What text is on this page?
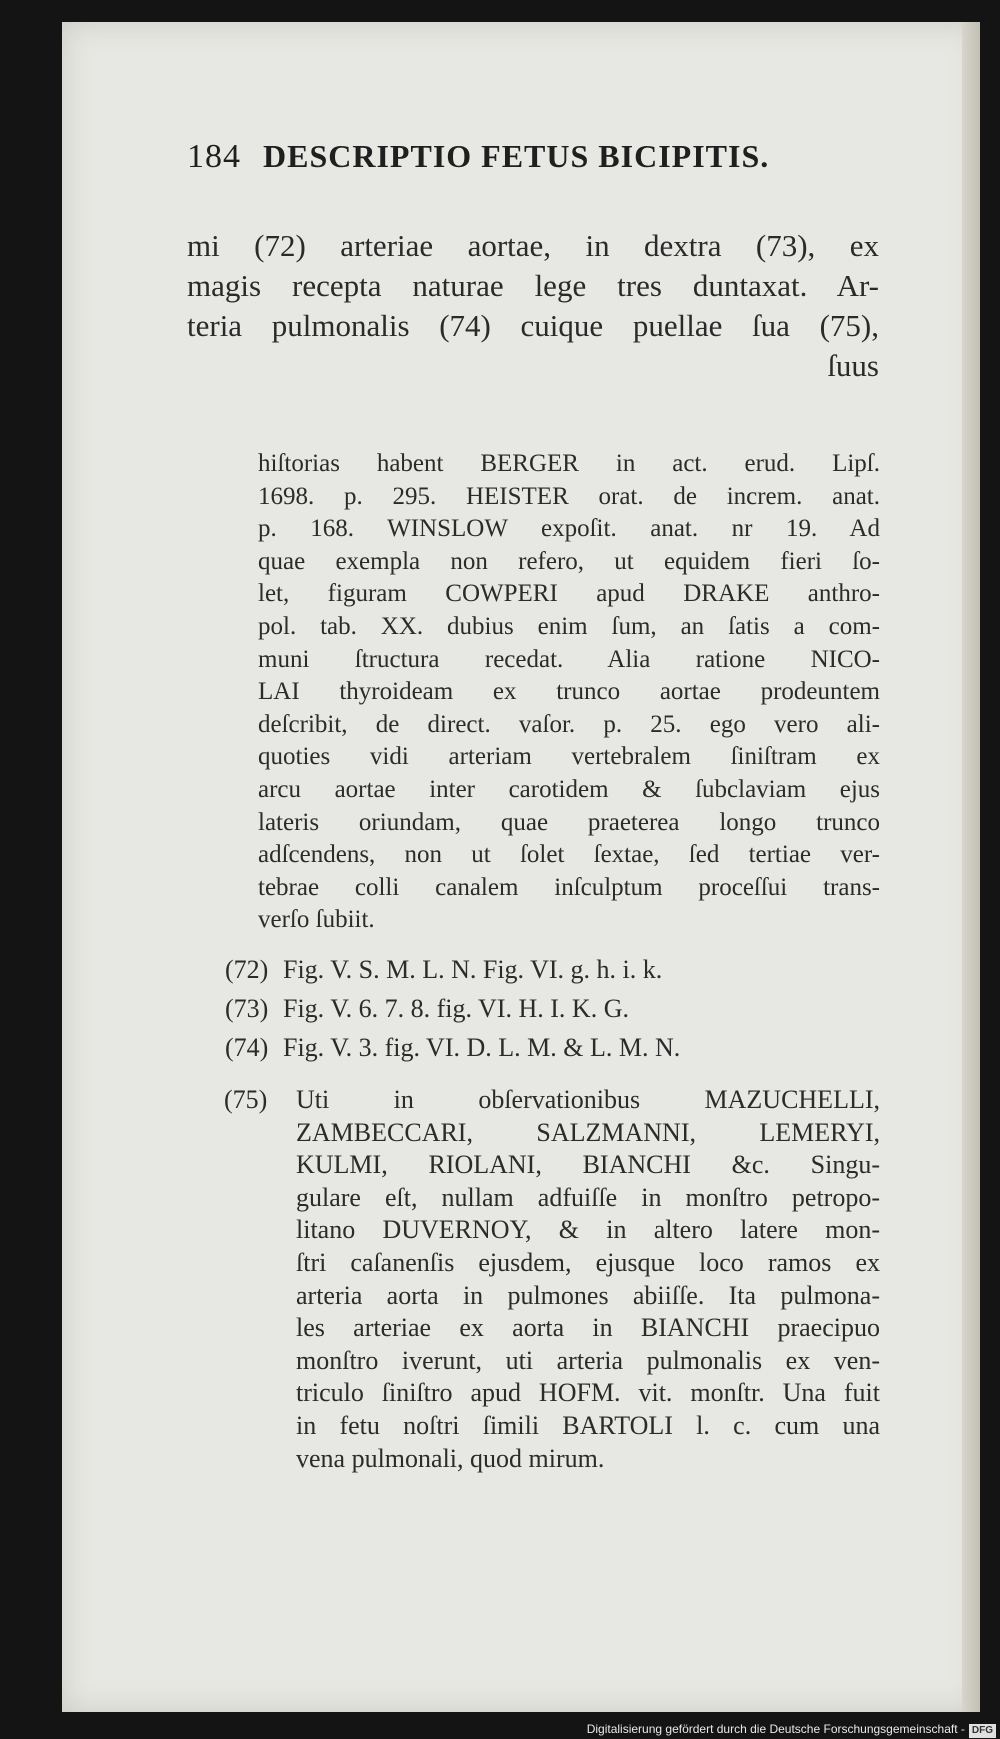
184 DESCRIPTIO FETUS BICIPITIS.
mi (72) arteriae aortae, in dextra (73), ex
magis recepta naturae lege tres duntaxat. Ar-
teria pulmonalis (74) cuique puellae ſua (75),
ſuus
hiſtorias habent BERGER in act. erud. Lipſ.
1698. p. 295. HEISTER orat. de increm. anat.
p. 168. WINSLOW expoſit. anat. nr 19. Ad
quae exempla non refero, ut equidem fieri ſo-
let, figuram COWPERI apud DRAKE anthro-
pol. tab. XX. dubius enim ſum, an ſatis a com-
muni ſtructura recedat. Alia ratione NICO-
LAI thyroideam ex trunco aortae prodeuntem
deſcribit, de direct. vaſor. p. 25. ego vero ali-
quoties vidi arteriam vertebralem ſiniſtram ex
arcu aortae inter carotidem & ſubclaviam ejus
lateris oriundam, quae praeterea longo trunco
adſcendens, non ut ſolet ſextae, ſed tertiae ver-
tebrae colli canalem inſculptum proceſſui trans-
verſo ſubiit.
(72) Fig. V. S. M. L. N. Fig. VI. g. h. i. k.
(73) Fig. V. 6. 7. 8. fig. VI. H. I. K. G.
(74) Fig. V. 3. fig. VI. D. L. M. & L. M. N.
(75) Uti in obſervationibus MAZUCHELLI,
ZAMBECCARI, SALZMANNI, LEMERYI,
KULMI, RIOLANI, BIANCHI &c. Singu-
gulare eſt, nullam adfuiſſe in monſtro petropo-
litano DUVERNOY, & in altero latere mon-
ſtri caſanenſis ejusdem, ejusque loco ramos ex
arteria aorta in pulmones abiiſſe. Ita pulmona-
les arteriae ex aorta in BIANCHI praecipuo
monſtro iverunt, uti arteria pulmonalis ex ven-
triculo ſiniſtro apud HOFM. vit. monſtr. Una fuit
in fetu noſtri ſimili BARTOLI l. c. cum una
vena pulmonali, quod mirum.
Digitalisierung gefördert durch die Deutsche Forschungsgemeinschaft - DFG
